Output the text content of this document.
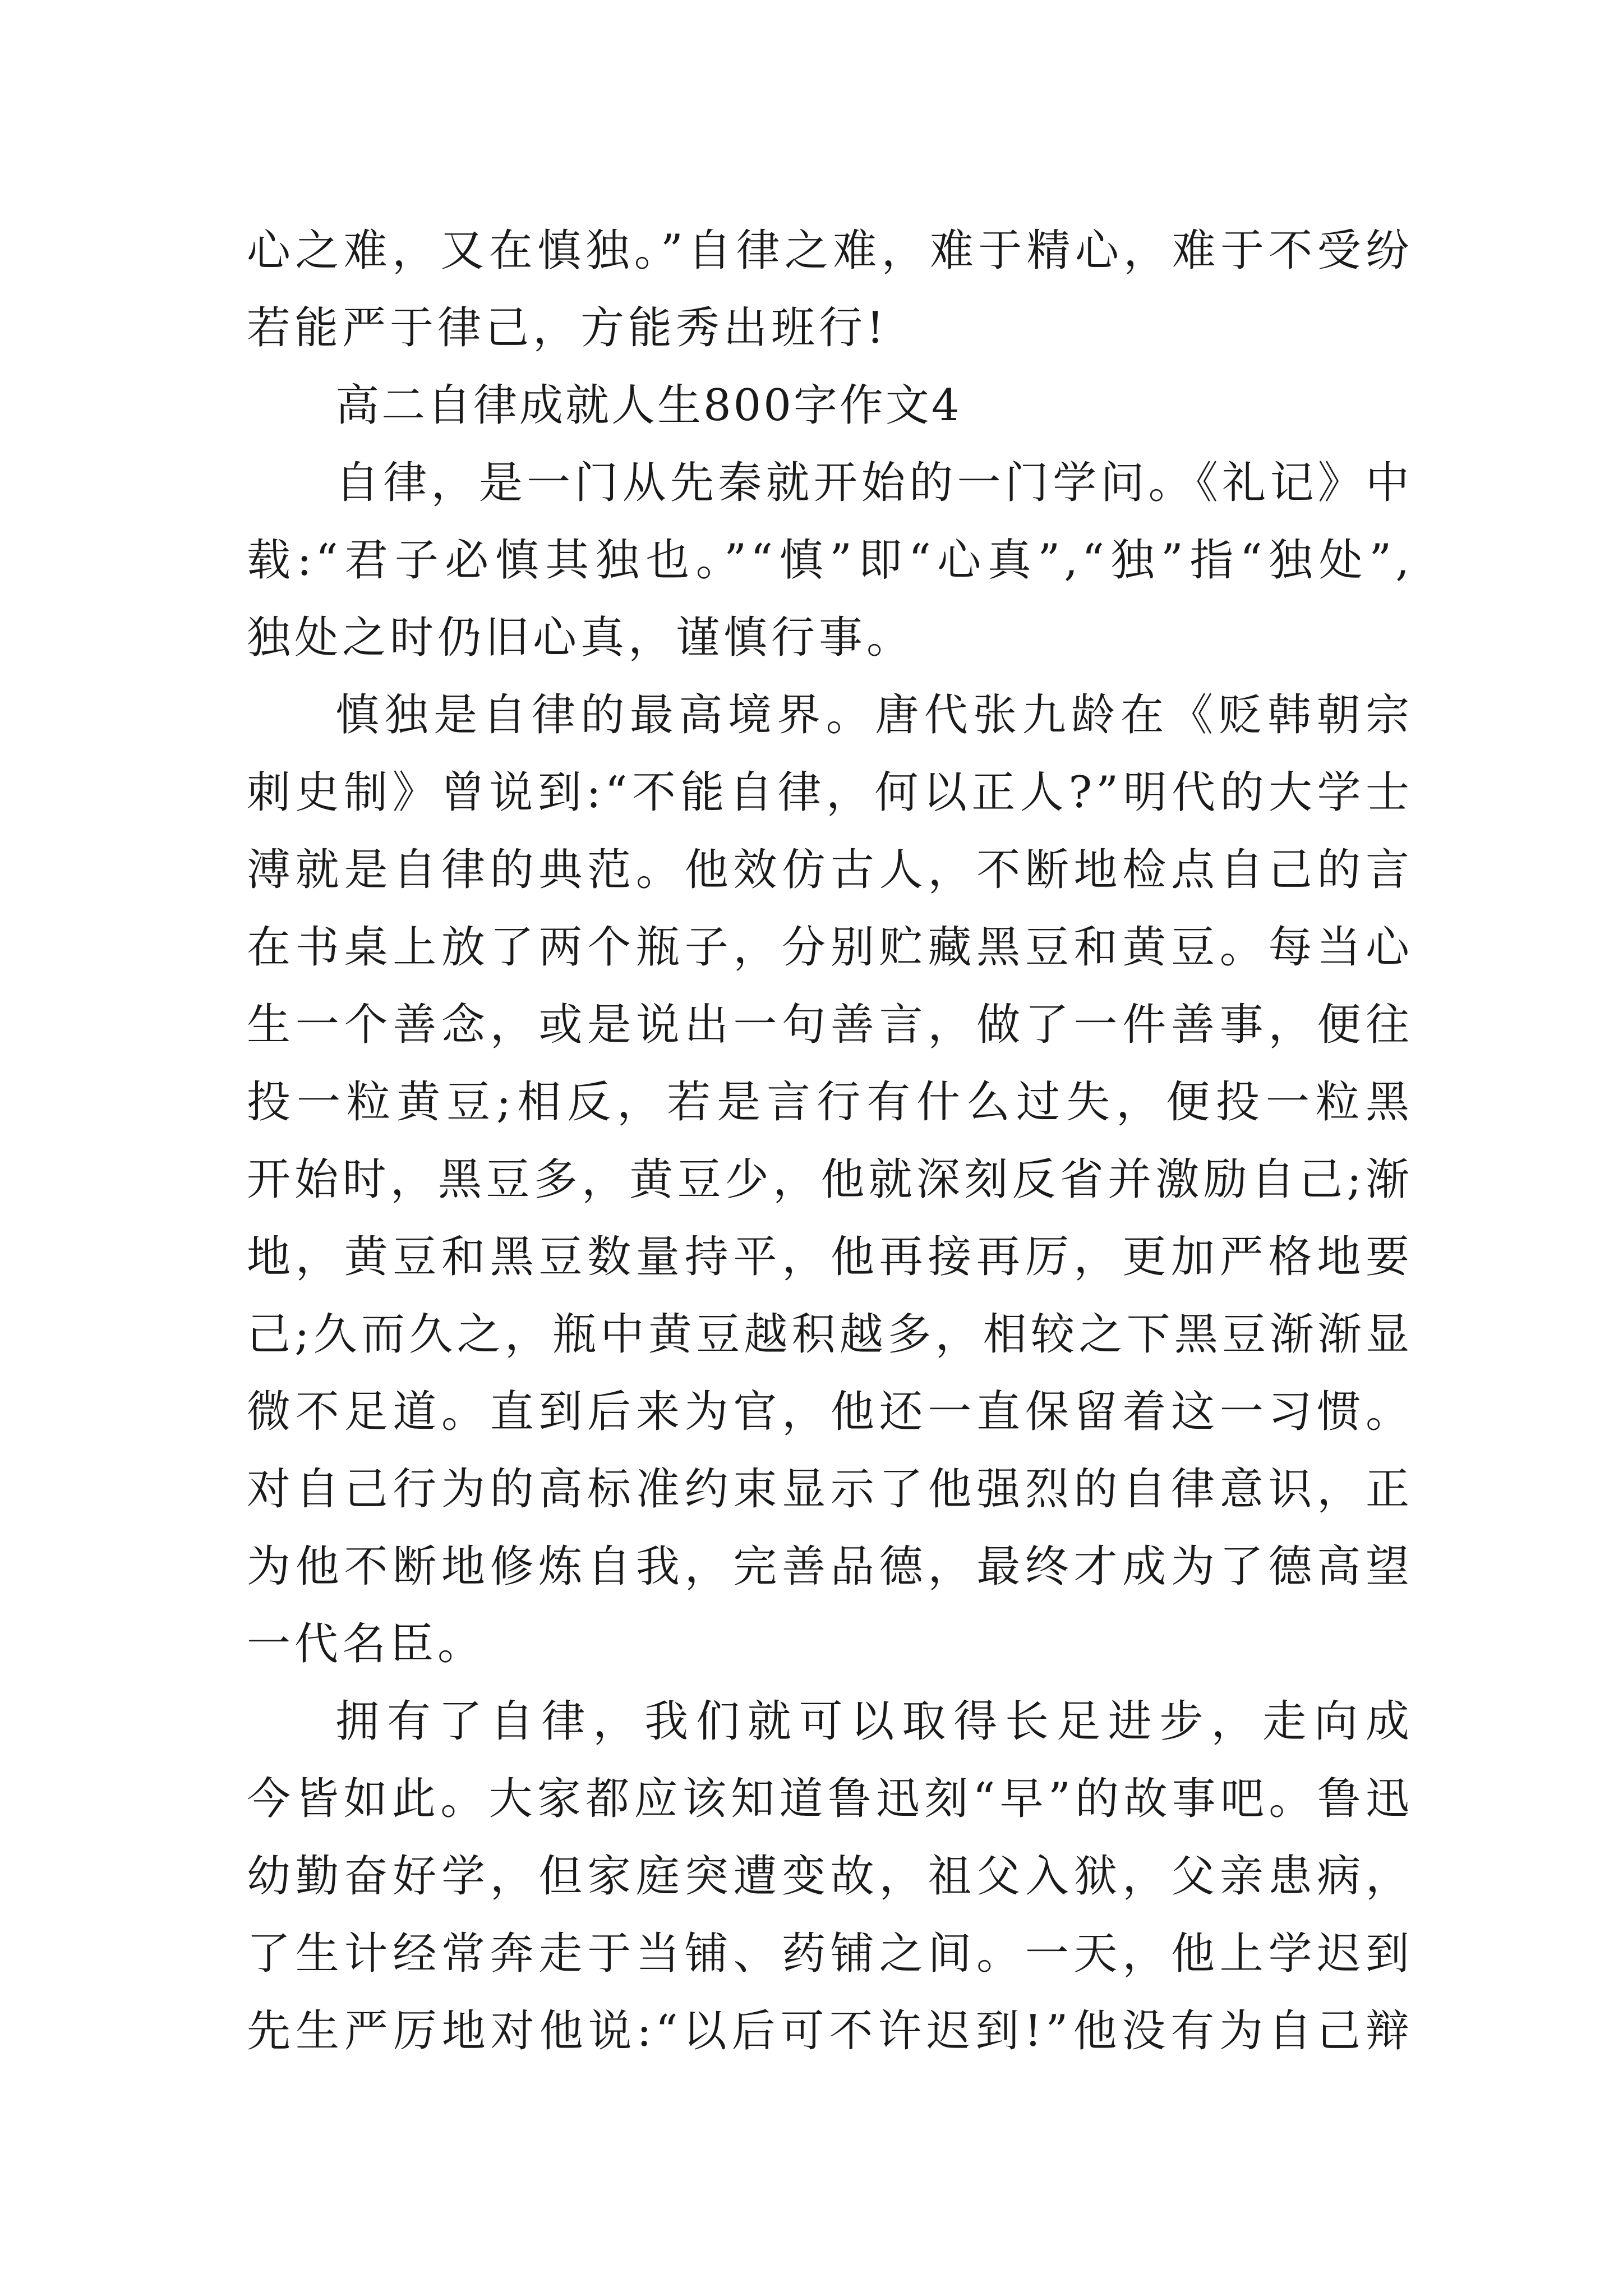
心之难，又在慎独。”自律之难，难于精心，难于不受纷
若能严于律己，方能秀出班行!
高二自律成就人生800字作文4
自律，是一门从先秦就开始的一门学问。《礼记》中
载:“君子必慎其独也。”“慎”即“心真”,“独”指“独处”,
独处之时仍旧心真，谨慎行事。
慎独是自律的最高境界。唐代张九龄在《贬韩朝宗
刺史制》曾说到:“不能自律，何以正人?”明代的大学士
溥就是自律的典范。他效仿古人，不断地检点自己的言
在书桌上放了两个瓶子，分别贮藏黑豆和黄豆。每当心
生一个善念，或是说出一句善言，做了一件善事，便往
投一粒黄豆;相反，若是言行有什么过失，便投一粒黑
开始时，黑豆多，黄豆少，他就深刻反省并激励自己;渐
地，黄豆和黑豆数量持平，他再接再厉，更加严格地要
己;久而久之，瓶中黄豆越积越多，相较之下黑豆渐渐显
微不足道。直到后来为官，他还一直保留着这一习惯。
对自己行为的高标准约束显示了他强烈的自律意识，正
为他不断地修炼自我，完善品德，最终才成为了德高望
一代名臣。
拥有了自律，我们就可以取得长足进步，走向成
今皆如此。大家都应该知道鲁迅刻“早”的故事吧。鲁迅
幼勤奋好学，但家庭突遭变故，祖父入狱，父亲患病，
了生计经常奔走于当铺、药铺之间。一天，他上学迟到
先生严厉地对他说:“以后可不许迟到!”他没有为自己辩
